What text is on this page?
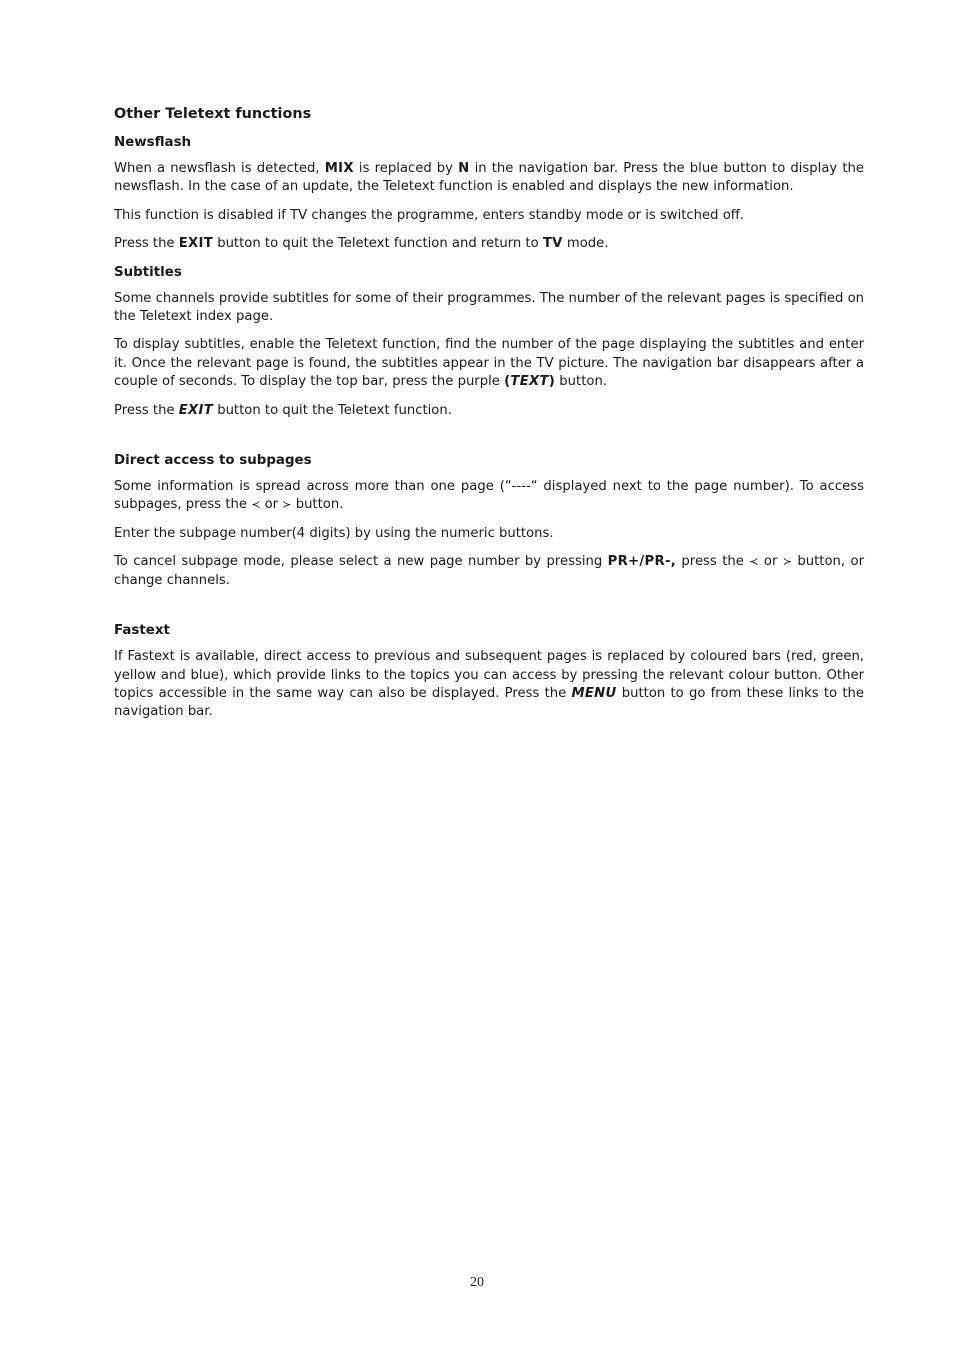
Other Teletext functions
Newsflash

When a newsflash is detected, MIX is replaced by N in the navigation bar. Press the blue button to display the newsflash. In the case of an update, the Teletext function is enabled and displays the new information.

This function is disabled if TV changes the programme, enters standby mode or is switched off.

Press the EXIT button to quit the Teletext function and return to TV mode.

Subtitles

Some channels provide subtitles for some of their programmes. The number of the relevant pages is specified on the Teletext index page.

To display subtitles, enable the Teletext function, find the number of the page displaying the subtitles and enter it. Once the relevant page is found, the subtitles appear in the TV picture. The navigation bar disappears after a couple of seconds. To display the top bar, press the purple (TEXT) button.

Press the EXIT button to quit the Teletext function.

Direct access to subpages

Some information is spread across more than one page (“----“ displayed next to the page number). To access subpages, press the ≺ or ≻ button.

Enter the subpage number(4 digits) by using the numeric buttons.

To cancel subpage mode, please select a new page number by pressing PR+/PR-, press the ≺ or ≻ button, or change channels.

Fastext

If Fastext is available, direct access to previous and subsequent pages is replaced by coloured bars (red, green, yellow and blue), which provide links to the topics you can access by pressing the relevant colour button. Other topics accessible in the same way can also be displayed. Press the MENU button to go from these links to the navigation bar.

20
